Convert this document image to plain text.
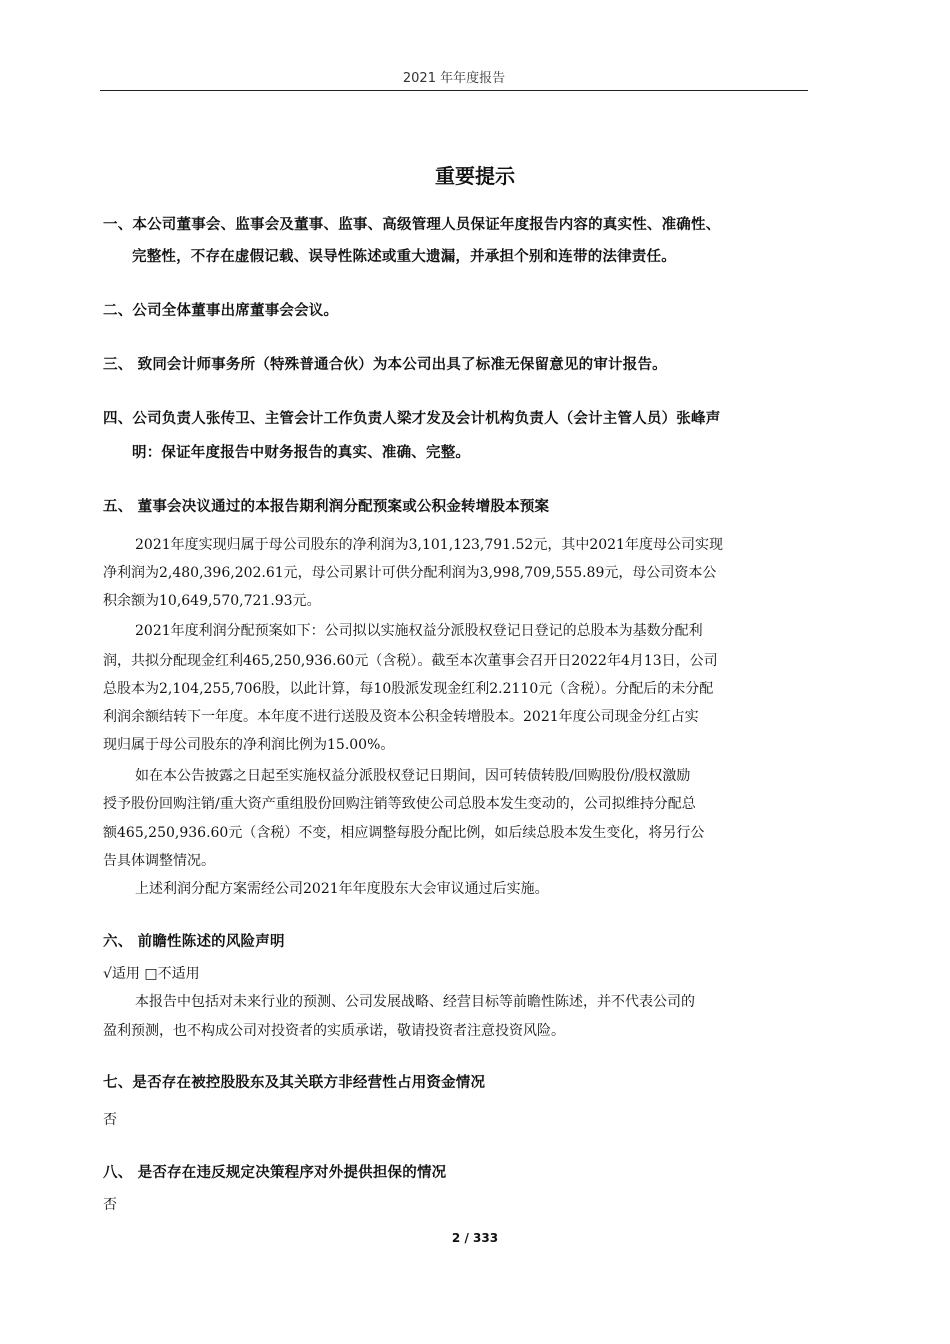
2021 年年度报告
重要提示
一、本公司董事会、监事会及董事、监事、高级管理人员保证年度报告内容的真实性、准确性、
完整性，不存在虚假记载、误导性陈述或重大遗漏，并承担个别和连带的法律责任。
二、公司全体董事出席董事会会议。
三、 致同会计师事务所（特殊普通合伙）为本公司出具了标准无保留意见的审计报告。
四、公司负责人张传卫、主管会计工作负责人梁才发及会计机构负责人（会计主管人员）张峰声
明：保证年度报告中财务报告的真实、准确、完整。
五、 董事会决议通过的本报告期利润分配预案或公积金转增股本预案
2021年度实现归属于母公司股东的净利润为3,101,123,791.52元，其中2021年度母公司实现
净利润为2,480,396,202.61元，母公司累计可供分配利润为3,998,709,555.89元，母公司资本公
积余额为10,649,570,721.93元。
2021年度利润分配预案如下：公司拟以实施权益分派股权登记日登记的总股本为基数分配利
润，共拟分配现金红利465,250,936.60元（含税）。截至本次董事会召开日2022年4月13日，公司
总股本为2,104,255,706股，以此计算，每10股派发现金红利2.2110元（含税）。分配后的未分配
利润余额结转下一年度。本年度不进行送股及资本公积金转增股本。2021年度公司现金分红占实
现归属于母公司股东的净利润比例为15.00%。
如在本公告披露之日起至实施权益分派股权登记日期间，因可转债转股/回购股份/股权激励
授予股份回购注销/重大资产重组股份回购注销等致使公司总股本发生变动的，公司拟维持分配总
额465,250,936.60元（含税）不变，相应调整每股分配比例，如后续总股本发生变化，将另行公
告具体调整情况。
上述利润分配方案需经公司2021年年度股东大会审议通过后实施。
六、 前瞻性陈述的风险声明
√适用 □不适用
本报告中包括对未来行业的预测、公司发展战略、经营目标等前瞻性陈述，并不代表公司的
盈利预测，也不构成公司对投资者的实质承诺，敬请投资者注意投资风险。
七、是否存在被控股股东及其关联方非经营性占用资金情况
否
八、 是否存在违反规定决策程序对外提供担保的情况
否
2 / 333
